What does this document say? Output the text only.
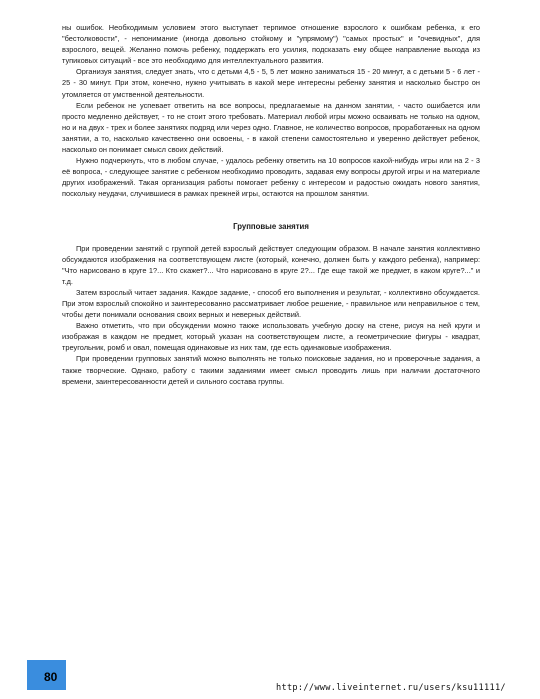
ны ошибок. Необходимым условием этого выступает терпимое отношение взрослого к ошибкам ребенка, к его "бестолковости", - непонимание (иногда довольно стойкому и "упрямому") "самых простых" и "очевидных", для взрослого, вещей. Желанно помочь ребенку, поддержать его усилия, подсказать ему общее направление выхода из тупиковых ситуаций - все это необходимо для интеллектуального развития.

Организуя занятия, следует знать, что с детьми 4,5 - 5, 5 лет можно заниматься 15 - 20 минут, а с детьми 5 - 6 лет - 25 - 30 минут. При этом, конечно, нужно учитывать в какой мере интересны ребенку занятия и насколько быстро он утомляется от умственной деятельности.

Если ребенок не успевает ответить на все вопросы, предлагаемые на данном занятии, - часто ошибается или просто медленно действует, - то не стоит этого требовать. Материал любой игры можно осваивать не только на одном, но и на двух - трех и более занятиях подряд или через одно. Главное, не количество вопросов, проработанных на одном занятии, а то, насколько качественно они освоены, - в какой степени самостоятельно и уверенно действует ребенок, насколько он понимает смысл своих действий.

Нужно подчеркнуть, что в любом случае, - удалось ребенку ответить на 10 вопросов какой-нибудь игры или на 2 - 3 её вопроса, - следующее занятие с ребенком необходимо проводить, задавая ему вопросы другой игры и на материале других изображений. Такая организация работы помогает ребенку с интересом и радостью ожидать нового занятия, поскольку неудачи, случившиеся в рамках прежней игры, остаются на прошлом занятии.

Групповые занятия

При проведении занятий с группой детей взрослый действует следующим образом. В начале занятия коллективно обсуждаются изображения на соответствующем листе (который, конечно, должен быть у каждого ребенка), например: "Что нарисовано в круге 1?... Кто скажет?... Что нарисовано в круге 2?... Где еще такой же предмет, в каком круге?..." и т.д.

Затем взрослый читает задания. Каждое задание, - способ его выполнения и результат, - коллективно обсуждается. При этом взрослый спокойно и заинтересованно рассматривает любое решение, - правильное или неправильное с тем, чтобы дети понимали основания своих верных и неверных действий.

Важно отметить, что при обсуждении можно также использовать учебную доску на стене, рисуя на ней круги и изображая в каждом не предмет, который указан на соответствующем листе, а геометрические фигуры - квадрат, треугольник, ромб и овал, помещая одинаковые из них там, где есть одинаковые изображения.

При проведении групповых занятий можно выполнять не только поисковые задания, но и проверочные задания, а также творческие. Однако, работу с такими заданиями имеет смысл проводить лишь при наличии достаточного времени, заинтересованности детей и сильного состава группы.

80
http://www.liveinternet.ru/users/ksu11111/
